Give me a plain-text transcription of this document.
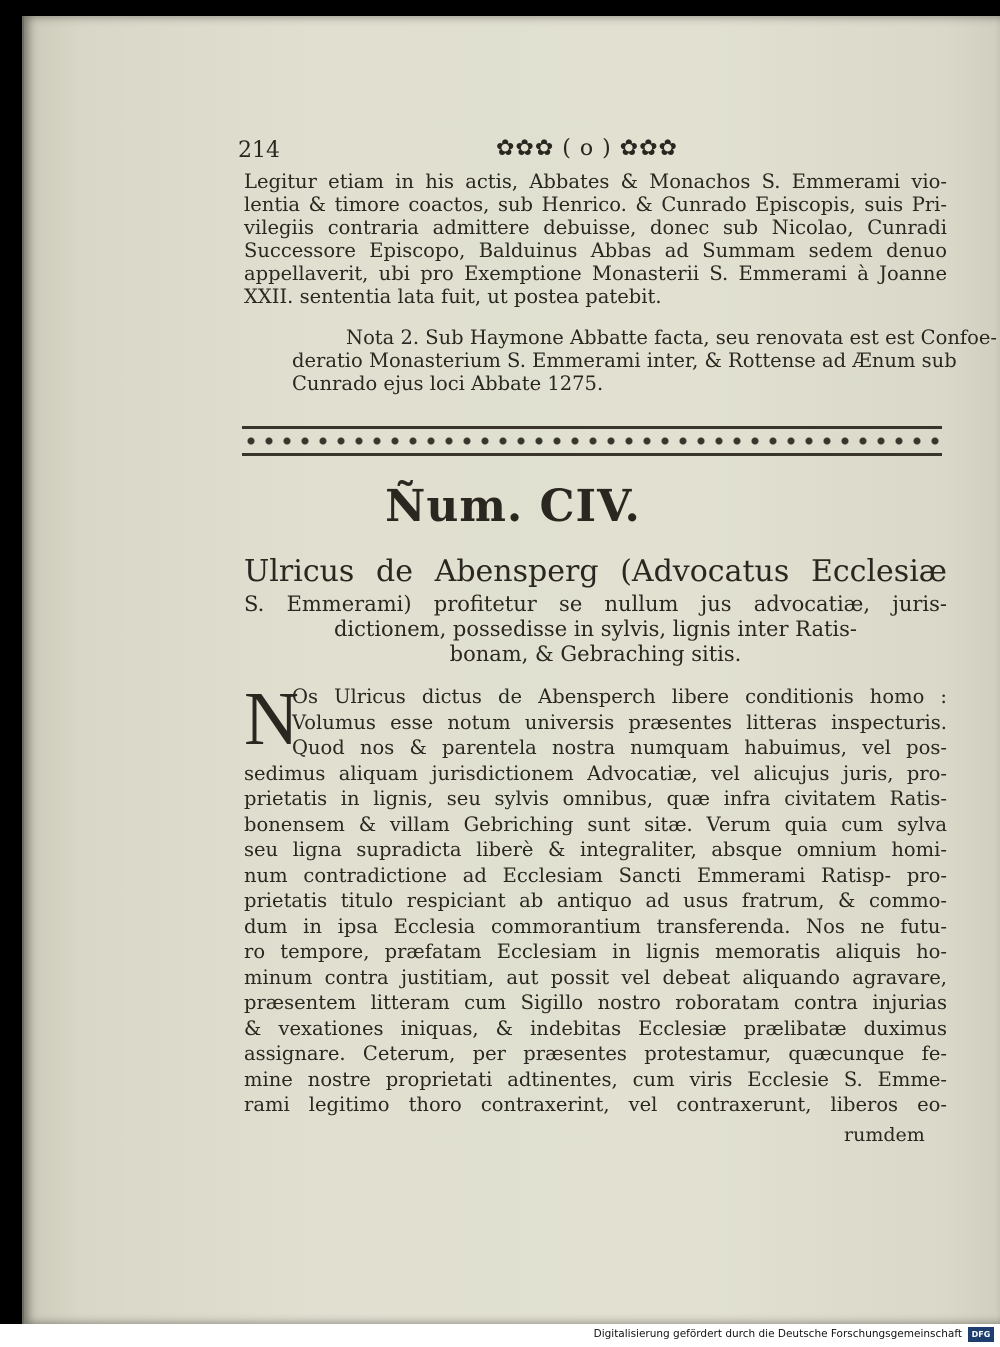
214	✿✿✿ ( o ) ✿✿✿
Legitur etiam in his actis, Abbates & Monachos S. Emmerami vio-
lentia & timore coactos, sub Henrico. & Cunrado Episcopis, suis Pri-
vilegiis contraria admittere debuisse, donec sub Nicolao, Cunradi
Successore Episcopo, Balduinus Abbas ad Summam sedem denuo
appellaverit, ubi pro Exemptione Monasterii S. Emmerami à Joanne
XXII. sententia lata fuit, ut postea patebit.
Nota 2. Sub Haymone Abbatte facta, seu renovata est est Confoe-
deratio Monasterium S. Emmerami inter, & Rottense ad Ænum sub
Cunrado ejus loci Abbate 1275.
Ñum. CIV.
Ulricus de Abensperg (Advocatus Ecclesiæ
S. Emmerami) profitetur se nullum jus advocatiæ, juris-
dictionem, possedisse in sylvis, lignis inter Ratis-
bonam, & Gebraching sitis.
N
Os Ulricus dictus de Abensperch libere conditionis homo :
Volumus esse notum universis præsentes litteras inspecturis.
Quod nos & parentela nostra numquam habuimus, vel pos-
sedimus aliquam jurisdictionem Advocatiæ, vel alicujus juris, pro-
prietatis in lignis, seu sylvis omnibus, quæ infra civitatem Ratis-
bonensem & villam Gebriching sunt sitæ. Verum quia cum sylva
seu ligna supradicta liberè & integraliter, absque omnium homi-
num contradictione ad Ecclesiam Sancti Emmerami Ratisp- pro-
prietatis titulo respiciant ab antiquo ad usus fratrum, & commo-
dum in ipsa Ecclesia commorantium transferenda. Nos ne futu-
ro tempore, præfatam Ecclesiam in lignis memoratis aliquis ho-
minum contra justitiam, aut possit vel debeat aliquando agravare,
præsentem litteram cum Sigillo nostro roboratam contra injurias
& vexationes iniquas, & indebitas Ecclesiæ prælibatæ duximus
assignare. Ceterum, per præsentes protestamur, quæcunque fe-
mine nostre proprietati adtinentes, cum viris Ecclesie S. Emme-
rami legitimo thoro contraxerint, vel contraxerunt, liberos eo-
rumdem
Digitalisierung gefördert durch die Deutsche Forschungsgemeinschaft	DFG
